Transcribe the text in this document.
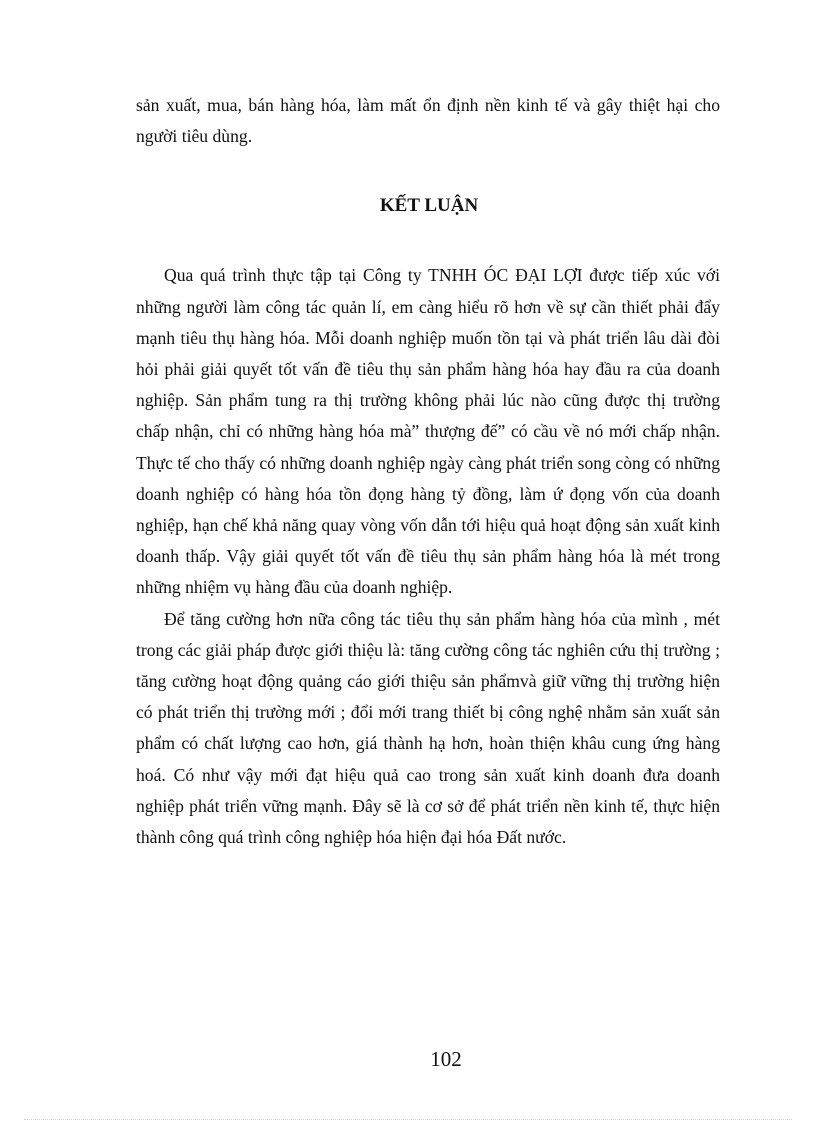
sản xuất, mua, bán hàng hóa, làm mất ổn định nền kinh tế và gây thiệt hại cho người tiêu dùng.

KẾT LUẬN

Qua quá trình thực tập tại Công ty TNHH ÓC ĐẠI LỢI được tiếp xúc với những người làm công tác quản lí, em càng hiểu rõ hơn về sự cần thiết phải đẩy mạnh tiêu thụ hàng hóa. Mỗi doanh nghiệp muốn tồn tại và phát triển lâu dài đòi hỏi phải giải quyết tốt vấn đề tiêu thụ sản phẩm hàng hóa hay đầu ra của doanh nghiệp. Sản phẩm tung ra thị trường không phải lúc nào cũng được thị trường chấp nhận, chỉ có những hàng hóa mà” thượng đế” có cầu về nó mới chấp nhận. Thực tế cho thấy có những doanh nghiệp ngày càng phát triển song còng có những doanh nghiệp có hàng hóa tồn đọng hàng tỷ đồng, làm ứ đọng vốn của doanh nghiệp, hạn chế khả năng quay vòng vốn dẫn tới hiệu quả hoạt động sản xuất kinh doanh thấp. Vậy giải quyết tốt vấn đề tiêu thụ sản phẩm hàng hóa là mét trong những nhiệm vụ hàng đầu của doanh nghiệp.

Để tăng cường hơn nữa công tác tiêu thụ sản phẩm hàng hóa của mình , mét trong các giải pháp được giới thiệu là: tăng cường công tác nghiên cứu thị trường ; tăng cường hoạt động quảng cáo giới thiệu sản phẩmvà giữ vững thị trường hiện có phát triển thị trường mới ; đổi mới trang thiết bị công nghệ nhằm sản xuất sản phẩm có chất lượng cao hơn, giá thành hạ hơn, hoàn thiện khâu cung ứng hàng hoá. Có như vậy mới đạt hiệu quả cao trong sản xuất kinh doanh đưa doanh nghiệp phát triển vững mạnh. Đây sẽ là cơ sở để phát triển nền kinh tế, thực hiện thành công quá trình công nghiệp hóa hiện đại hóa Đất nước.

102
